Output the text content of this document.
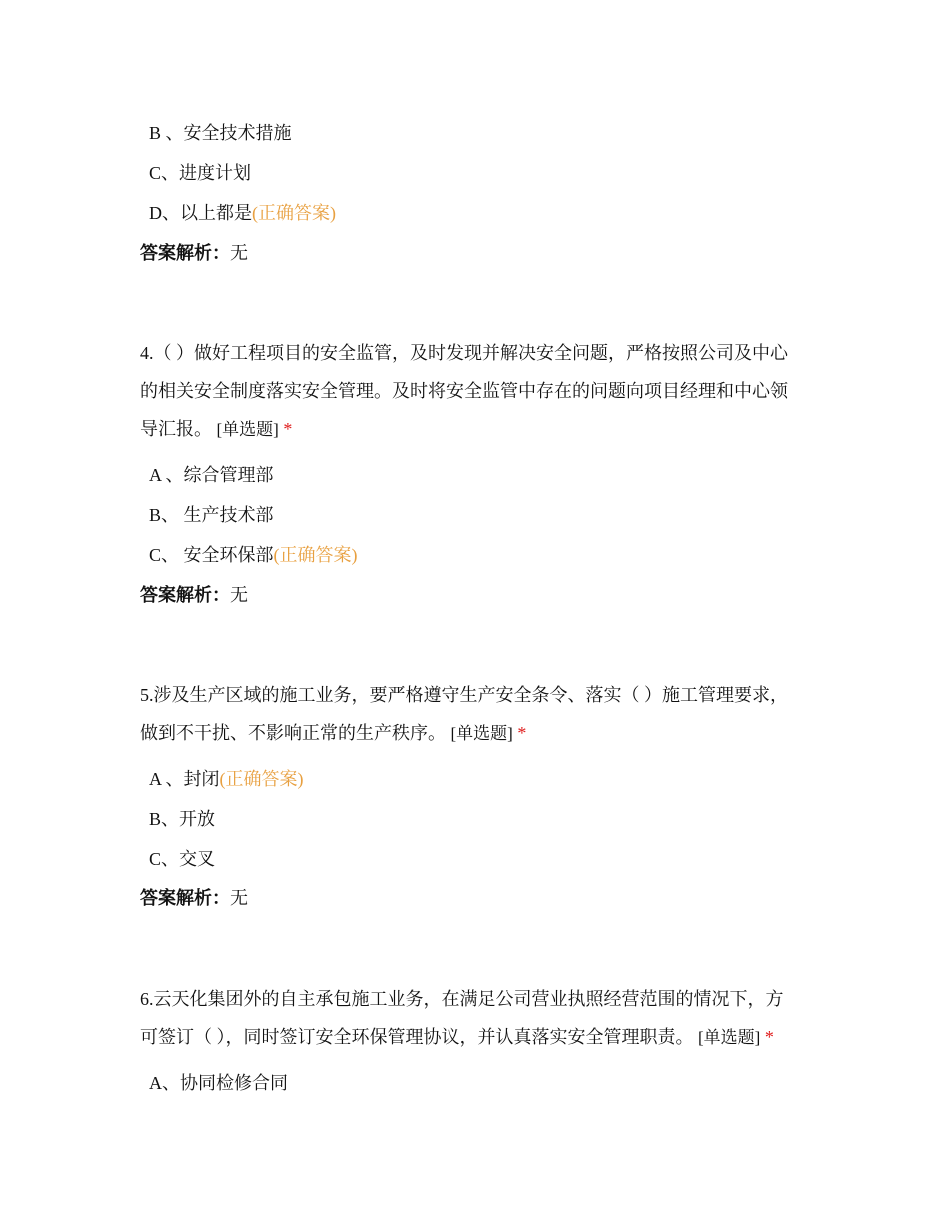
B 、安全技术措施
C、进度计划
D、以上都是(正确答案)
答案解析：无
4.（ ）做好工程项目的安全监管，及时发现并解决安全问题，严格按照公司及中心
的相关安全制度落实安全管理。及时将安全监管中存在的问题向项目经理和中心领
导汇报。 [单选题] *
A 、综合管理部
B、 生产技术部
C、 安全环保部(正确答案)
答案解析：无
5.涉及生产区域的施工业务，要严格遵守生产安全条令、落实（ ）施工管理要求，
做到不干扰、不影响正常的生产秩序。 [单选题] *
A 、封闭(正确答案)
B、开放
C、交叉
答案解析：无
6.云天化集团外的自主承包施工业务，在满足公司营业执照经营范围的情况下，方
可签订（ ），同时签订安全环保管理协议，并认真落实安全管理职责。 [单选题] *
A、协同检修合同
